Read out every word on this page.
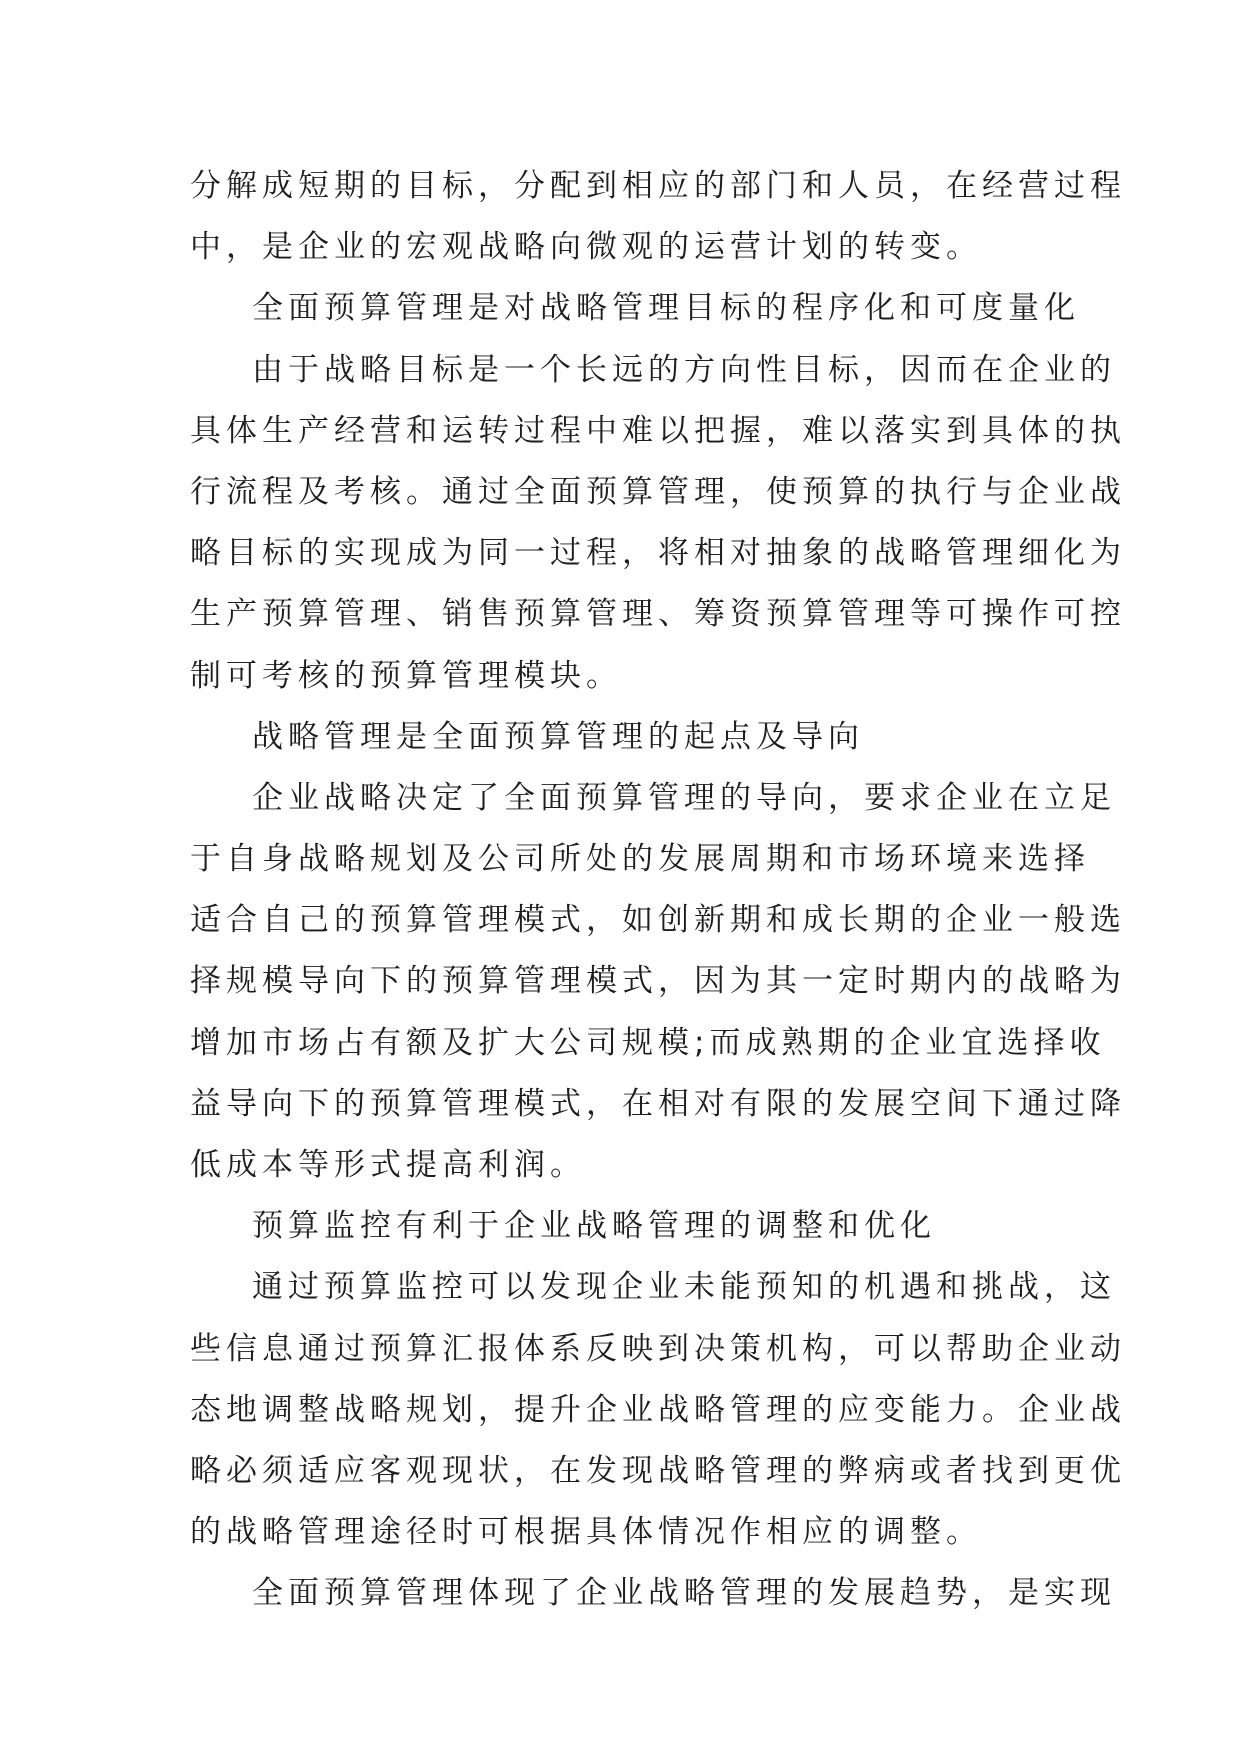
分解成短期的目标，分配到相应的部门和人员，在经营过程
中，是企业的宏观战略向微观的运营计划的转变。
全面预算管理是对战略管理目标的程序化和可度量化
由于战略目标是一个长远的方向性目标，因而在企业的
具体生产经营和运转过程中难以把握，难以落实到具体的执
行流程及考核。通过全面预算管理，使预算的执行与企业战
略目标的实现成为同一过程，将相对抽象的战略管理细化为
生产预算管理、销售预算管理、筹资预算管理等可操作可控
制可考核的预算管理模块。
战略管理是全面预算管理的起点及导向
企业战略决定了全面预算管理的导向，要求企业在立足
于自身战略规划及公司所处的发展周期和市场环境来选择
适合自己的预算管理模式，如创新期和成长期的企业一般选
择规模导向下的预算管理模式，因为其一定时期内的战略为
增加市场占有额及扩大公司规模;而成熟期的企业宜选择收
益导向下的预算管理模式，在相对有限的发展空间下通过降
低成本等形式提高利润。
预算监控有利于企业战略管理的调整和优化
通过预算监控可以发现企业未能预知的机遇和挑战，这
些信息通过预算汇报体系反映到决策机构，可以帮助企业动
态地调整战略规划，提升企业战略管理的应变能力。企业战
略必须适应客观现状，在发现战略管理的弊病或者找到更优
的战略管理途径时可根据具体情况作相应的调整。
全面预算管理体现了企业战略管理的发展趋势，是实现
